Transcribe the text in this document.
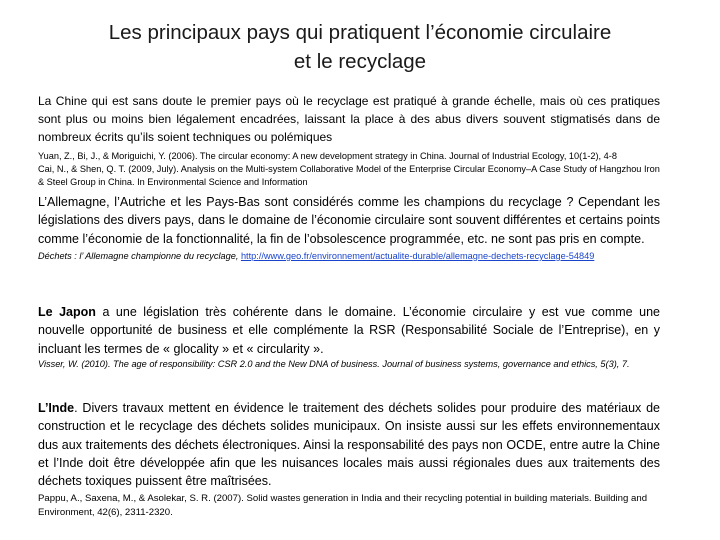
Les principaux pays qui pratiquent l’économie circulaire
et le recyclage

La Chine qui est sans doute le premier pays où le recyclage est pratiqué à grande échelle, mais où ces pratiques sont plus ou moins bien légalement encadrées, laissant la place à des abus divers souvent stigmatisés dans de nombreux écrits qu’ils soient techniques ou polémiques

Yuan, Z., Bi, J., & Moriguichi, Y. (2006). The circular economy: A new development strategy in China. Journal of Industrial Ecology, 10(1‐2), 4‐8

Cai, N., & Shen, Q. T. (2009, July). Analysis on the Multi‐system Collaborative Model of the Enterprise Circular Economy–A Case Study of Hangzhou Iron & Steel Group in China. In Environmental Science and Information

L’Allemagne, l’Autriche et les Pays-Bas sont considérés comme les champions du recyclage ? Cependant les législations des divers pays, dans le domaine de l’économie circulaire sont souvent différentes et certains points comme l’économie de la fonctionnalité, la fin de l’obsolescence programmée, etc. ne sont pas pris en compte.

Déchets : l’ Allemagne championne du recyclage, http://www.geo.fr/environnement/actualite-durable/allemagne-dechets-recyclage-54849

Le Japon a une législation très cohérente dans le domaine. L’économie circulaire y est vue comme une nouvelle opportunité de business et elle complémente la RSR (Responsabilité Sociale de l’Entreprise), en y incluant les termes de « glocality » et « circularity ».

Visser, W. (2010). The age of responsibility: CSR 2.0 and the New DNA of business. Journal of business systems, governance and ethics, 5(3), 7.

L’Inde. Divers travaux mettent en évidence le traitement des déchets solides pour produire des matériaux de construction et le recyclage des déchets solides municipaux. On insiste aussi sur les effets environnementaux dus aux traitements des déchets électroniques. Ainsi la responsabilité des pays non OCDE, entre autre la Chine et l’Inde doit être développée afin que les nuisances locales mais aussi régionales dues aux traitements des déchets toxiques puissent être maîtrisées.

Pappu, A., Saxena, M., & Asolekar, S. R. (2007). Solid wastes generation in India and their recycling potential in building materials. Building and Environment, 42(6), 2311-2320.
